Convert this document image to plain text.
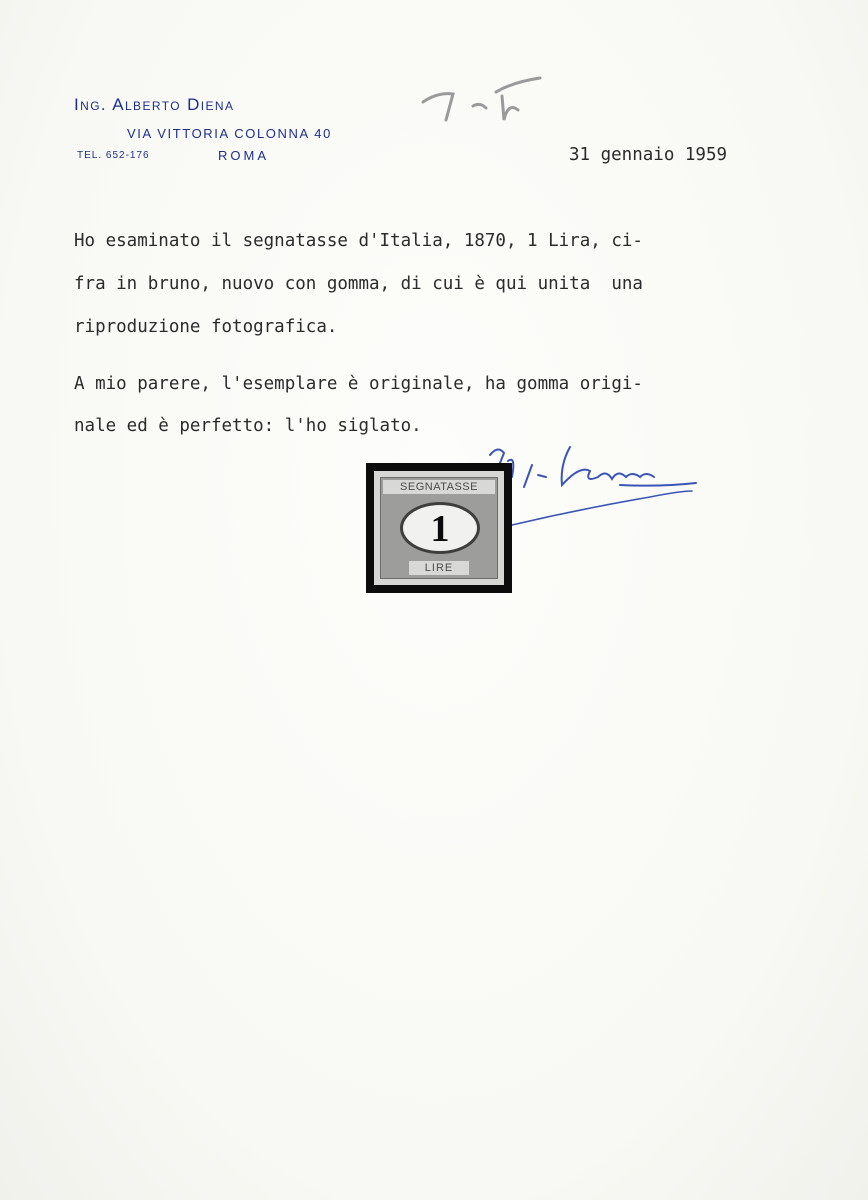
Ing. Alberto Diena
VIA VITTORIA COLONNA 40
TEL. 652-176	ROMA	31 gennaio 1959
Ho esaminato il segnatasse d'Italia, 1870, 1 Lira, ci-
fra in bruno, nuovo con gomma, di cui è qui unita  una
riproduzione fotografica.
A mio parere, l'esemplare è originale, ha gomma origi-
nale ed è perfetto: l'ho siglato.
SEGNATASSE
1
LIRE
